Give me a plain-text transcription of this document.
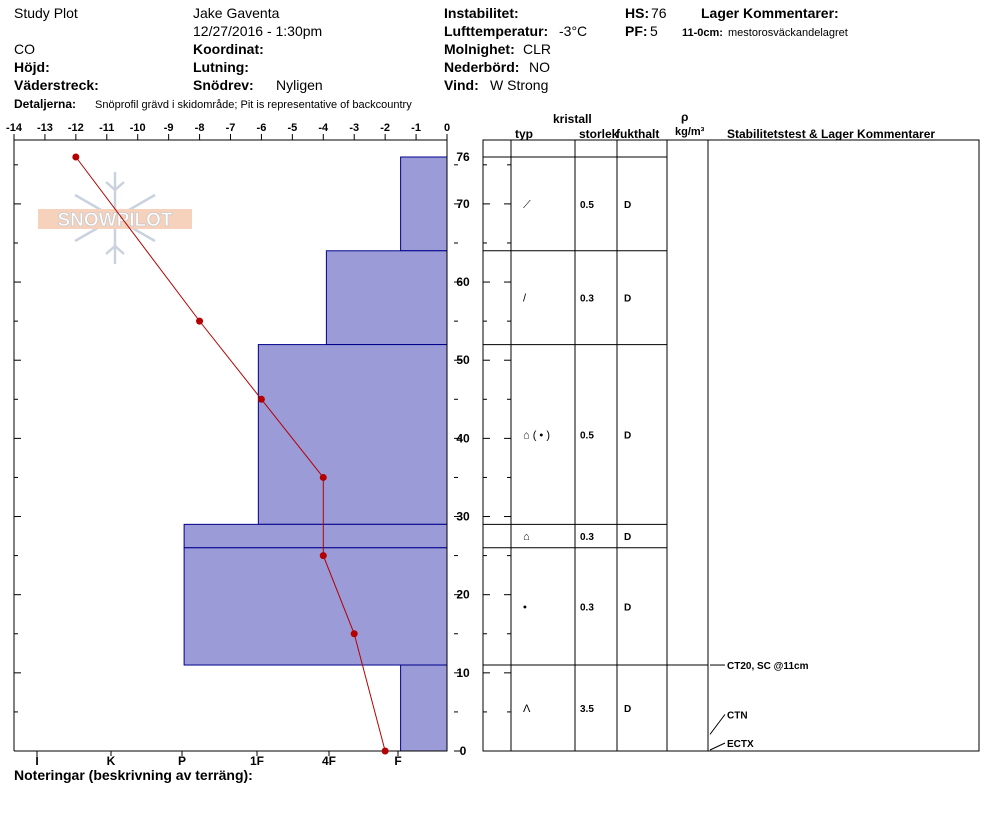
Study Plot	Jake Gaventa
12/27/2016 - 1:30pm
CO	Koordinat:
Höjd:	Lutning:
Väderstreck:	Snödrev: Nyligen
Instabilitet:
Lufttemperatur: -3°C
Molnighet: CLR
Nederbörd: NO
Vind: W Strong
HS: 76
PF: 5
Lager Kommentarer:
11-0cm: mestorosväckandelagret
Detaljerna: Snöprofil grävd i skidområde; Pit is representative of backcountry
Noteringar (beskrivning av terräng):
kristall
typ	storlek
fukthalt
ρ
kg/m³ Stabilitetstest & Lager Kommentarer
SNOWPILOT
-14 -13 -12 -11 -10 -9 -8 -7 -6 -5 -4 -3 -2 -1 0
0
10
20
30
40
50
60
70
76
I	K	P	1F	4F	F
⟋	0.5	D
/	0.3	D
⌂ ( • )	0.5	D
⌂	0.3	D
•	0.3	D
Λ	3.5	D
CT20, SC @11cm
CTN
ECTX
